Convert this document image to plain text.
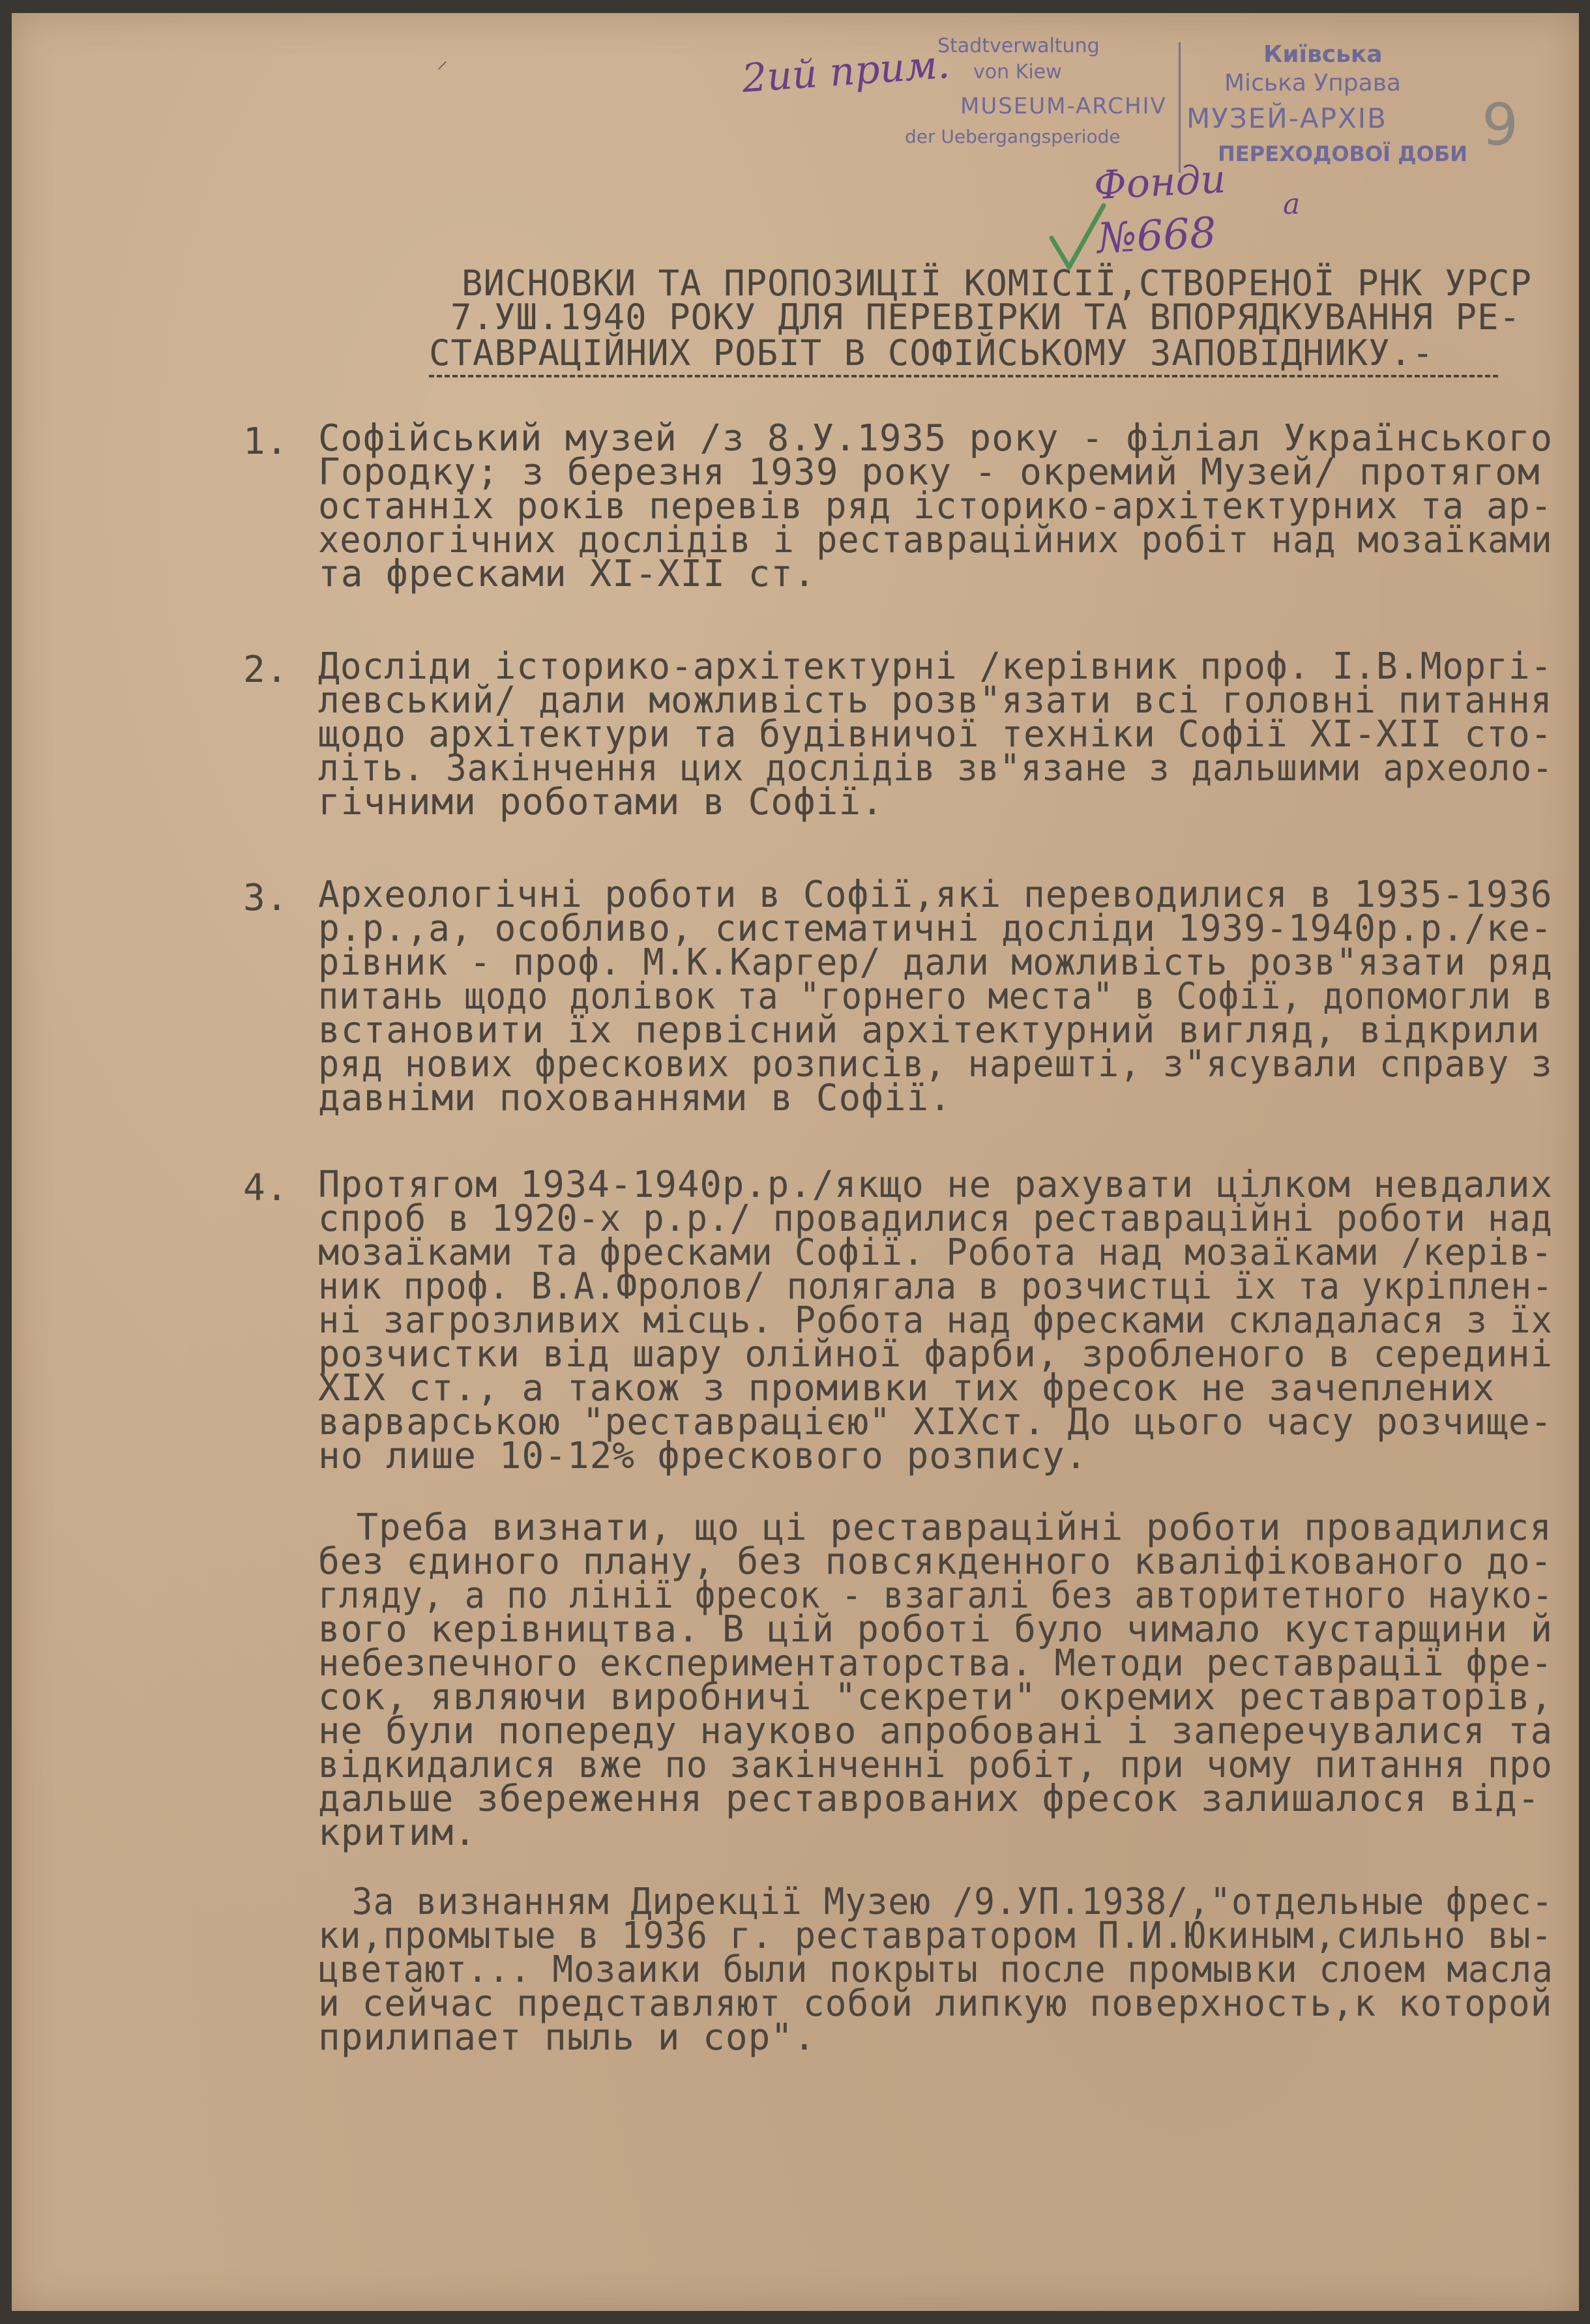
Stadtverwaltung
von Kiew
MUSEUM-ARCHIV
der Uebergangsperiode
Київська
Міська Управа
МУЗЕЙ-АРХІВ
ПЕРЕХОДОВОЇ ДОБИ
2ий прим.
9
Фонди а
№668
⸝
ВИСНОВКИ ТА ПРОПОЗИЦІЇ КОМІСІЇ,СТВОРЕНОЇ РНК УРСР
7.УШ.1940 РОКУ ДЛЯ ПЕРЕВІРКИ ТА ВПОРЯДКУВАННЯ РЕ-
СТАВРАЦІЙНИХ РОБІТ В СОФІЙСЬКОМУ ЗАПОВІДНИКУ.-
1. Софійський музей /з 8.У.1935 року - філіал Українського
Городку; з березня 1939 року - окремий Музей/ протягом
останніх років перевів ряд історико-архітектурних та ар-
хеологічних дослідів і реставраційних робіт над мозаїками
та фресками XI-XII ст.
2. Досліди історико-архітектурні /керівник проф. І.В.Моргі-
левський/ дали можливість розв"язати всі головні питання
щодо архітектури та будівничої техніки Софії XI-XII сто-
літь. Закінчення цих дослідів зв"язане з дальшими археоло-
гічними роботами в Софії.
3. Археологічні роботи в Софії,які переводилися в 1935-1936
р.р.,а, особливо, систематичні досліди 1939-1940р.р./ке-
рівник - проф. М.К.Каргер/ дали можливість розв"язати ряд
питань щодо долівок та "горнего места" в Софії, допомогли в
встановити їх первісний архітектурний вигляд, відкрили
ряд нових фрескових розписів, нарешті, з"ясували справу з
давніми похованнями в Софії.
4. Протягом 1934-1940р.р./якщо не рахувати цілком невдалих
спроб в 1920-х р.р./ провадилися реставраційні роботи над
мозаїками та фресками Софії. Робота над мозаїками /керів-
ник проф. В.А.Фролов/ полягала в розчистці їх та укріплен-
ні загрозливих місць. Робота над фресками складалася з їх
розчистки від шару олійної фарби, зробленого в середині
XIX ст., а також з промивки тих фресок не зачеплених
варварською "реставрацією" XIXст. До цього часу розчище-
но лише 10-12% фрескового розпису.
Треба визнати, що ці реставраційні роботи провадилися
без єдиного плану, без повсякденного кваліфікованого до-
гляду, а по лінії фресок - взагалі без авторитетного науко-
вого керівництва. В цій роботі було чимало кустарщини й
небезпечного експериментаторства. Методи реставрації фре-
сок, являючи виробничі "секрети" окремих реставраторів,
не були попереду науково апробовані і заперечувалися та
відкидалися вже по закінченні робіт, при чому питання про
дальше збереження реставрованих фресок залишалося від-
критим.
За визнанням Дирекції Музею /9.УП.1938/,"отдельные фрес-
ки,промытые в 1936 г. реставратором П.И.Юкиным,сильно вы-
цветают... Мозаики были покрыты после промывки слоем масла
и сейчас представляют собой липкую поверхность,к которой
прилипает пыль и сор".
